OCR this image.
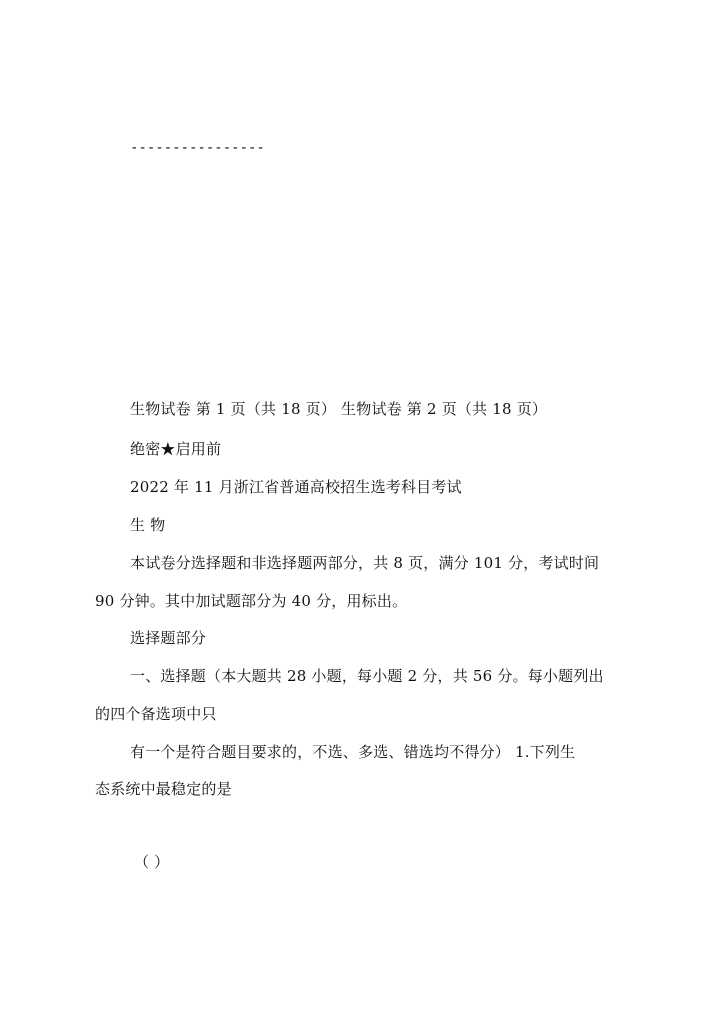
----------------

生物试卷 第 1 页（共 18 页） 生物试卷 第 2 页（共 18 页）

绝密★启用前

2022 年 11 月浙江省普通高校招生选考科目考试

生 物

本试卷分选择题和非选择题两部分，共 8 页，满分 101 分，考试时间

90 分钟。其中加试题部分为 40 分，用标出。

选择题部分

一、选择题（本大题共 28 小题，每小题 2 分，共 56 分。每小题列出

的四个备选项中只

有一个是符合题目要求的，不选、多选、错选均不得分） 1.下列生

态系统中最稳定的是

（ ）
